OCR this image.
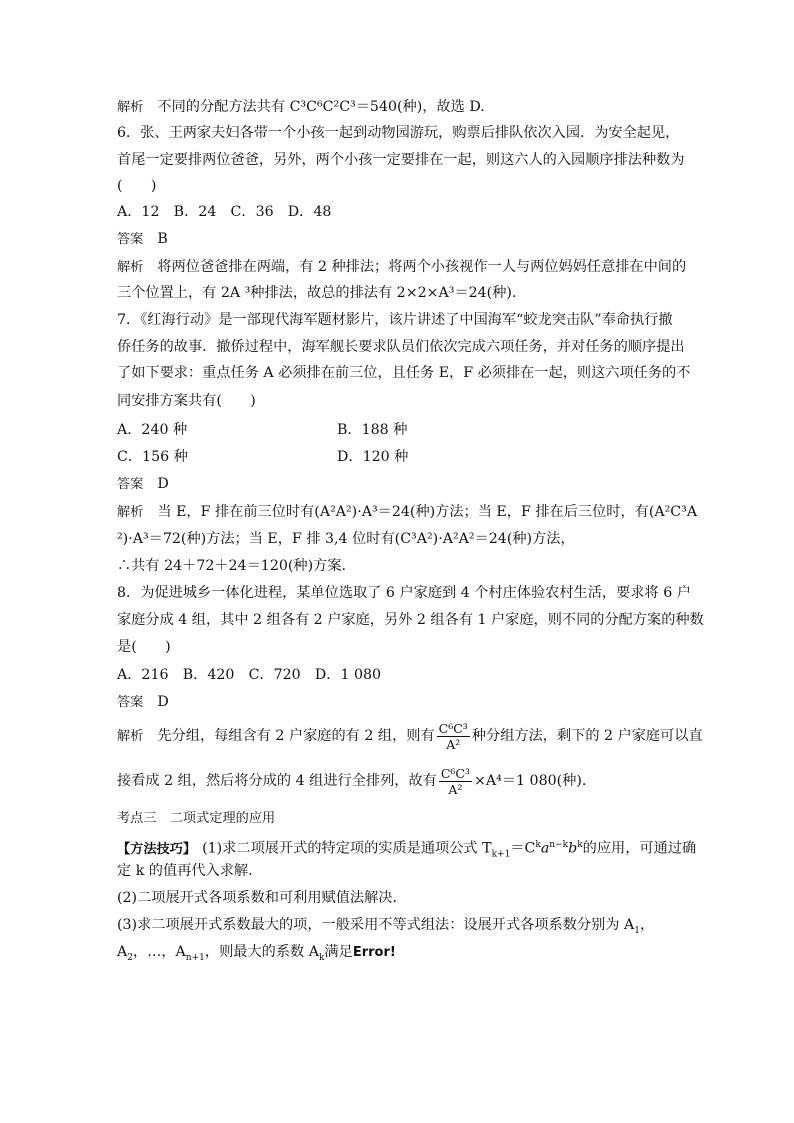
解析 不同的分配方法共有 C³C⁶C²C³＝540(种)，故选 D.
6．张、王两家夫妇各带一个小孩一起到动物园游玩，购票后排队依次入园．为安全起见，
首尾一定要排两位爸爸，另外，两个小孩一定要排在一起，则这六人的入园顺序排法种数为
(　　)
A．12　B．24　C．36　D．48
答案 B
解析 将两位爸爸排在两端，有 2 种排法；将两个小孩视作一人与两位妈妈任意排在中间的
三个位置上，有 2A ³种排法，故总的排法有 2×2×A³＝24(种).
7．《红海行动》是一部现代海军题材影片，该片讲述了中国海军“蛟龙突击队”奉命执行撤
侨任务的故事．撤侨过程中，海军舰长要求队员们依次完成六项任务，并对任务的顺序提出
了如下要求：重点任务 A 必须排在前三位，且任务 E，F 必须排在一起，则这六项任务的不
同安排方案共有(　　)
A．240 种	B．188 种
C．156 种	D．120 种
答案 D
解析 当 E，F 排在前三位时有(A²A²)·A³＝24(种)方法；当 E，F 排在后三位时，有(A²C³A
²)·A³＝72(种)方法；当 E，F 排 3,4 位时有(C³A²)·A²A²＝24(种)方法，
∴共有 24＋72＋24＝120(种)方案.
8．为促进城乡一体化进程，某单位选取了 6 户家庭到 4 个村庄体验农村生活，要求将 6 户
家庭分成 4 组，其中 2 组各有 2 户家庭，另外 2 组各有 1 户家庭，则不同的分配方案的种数
是(　　)
A．216　B．420　C．720　D．1 080
答案 D
解析 先分组，每组含有 2 户家庭的有 2 组，则有 $\frac{\text{C⁶C³}}{\text{A²}}$ 种分组方法，剩下的 2 户家庭可以直
接看成 2 组，然后将分成的 4 组进行全排列，故有 $\frac{\text{C⁶C³}}{\text{A²}} \times A^4=1$ 080(种).
考点三　二项式定理的应用
【方法技巧】 (1)求二项展开式的特定项的实质是通项公式 $T_{k+1}=C^ka^{n-k}b^k$的应用，可通过确
定 k 的值再代入求解．
(2)二项展开式各项系数和可利用赋值法解决．
(3)求二项展开式系数最大的项，一般采用不等式组法：设展开式各项系数分别为 $A_1$，
$A_2$，…，$A_{n+1}$，则最大的系数 $A_k$满足Error!
